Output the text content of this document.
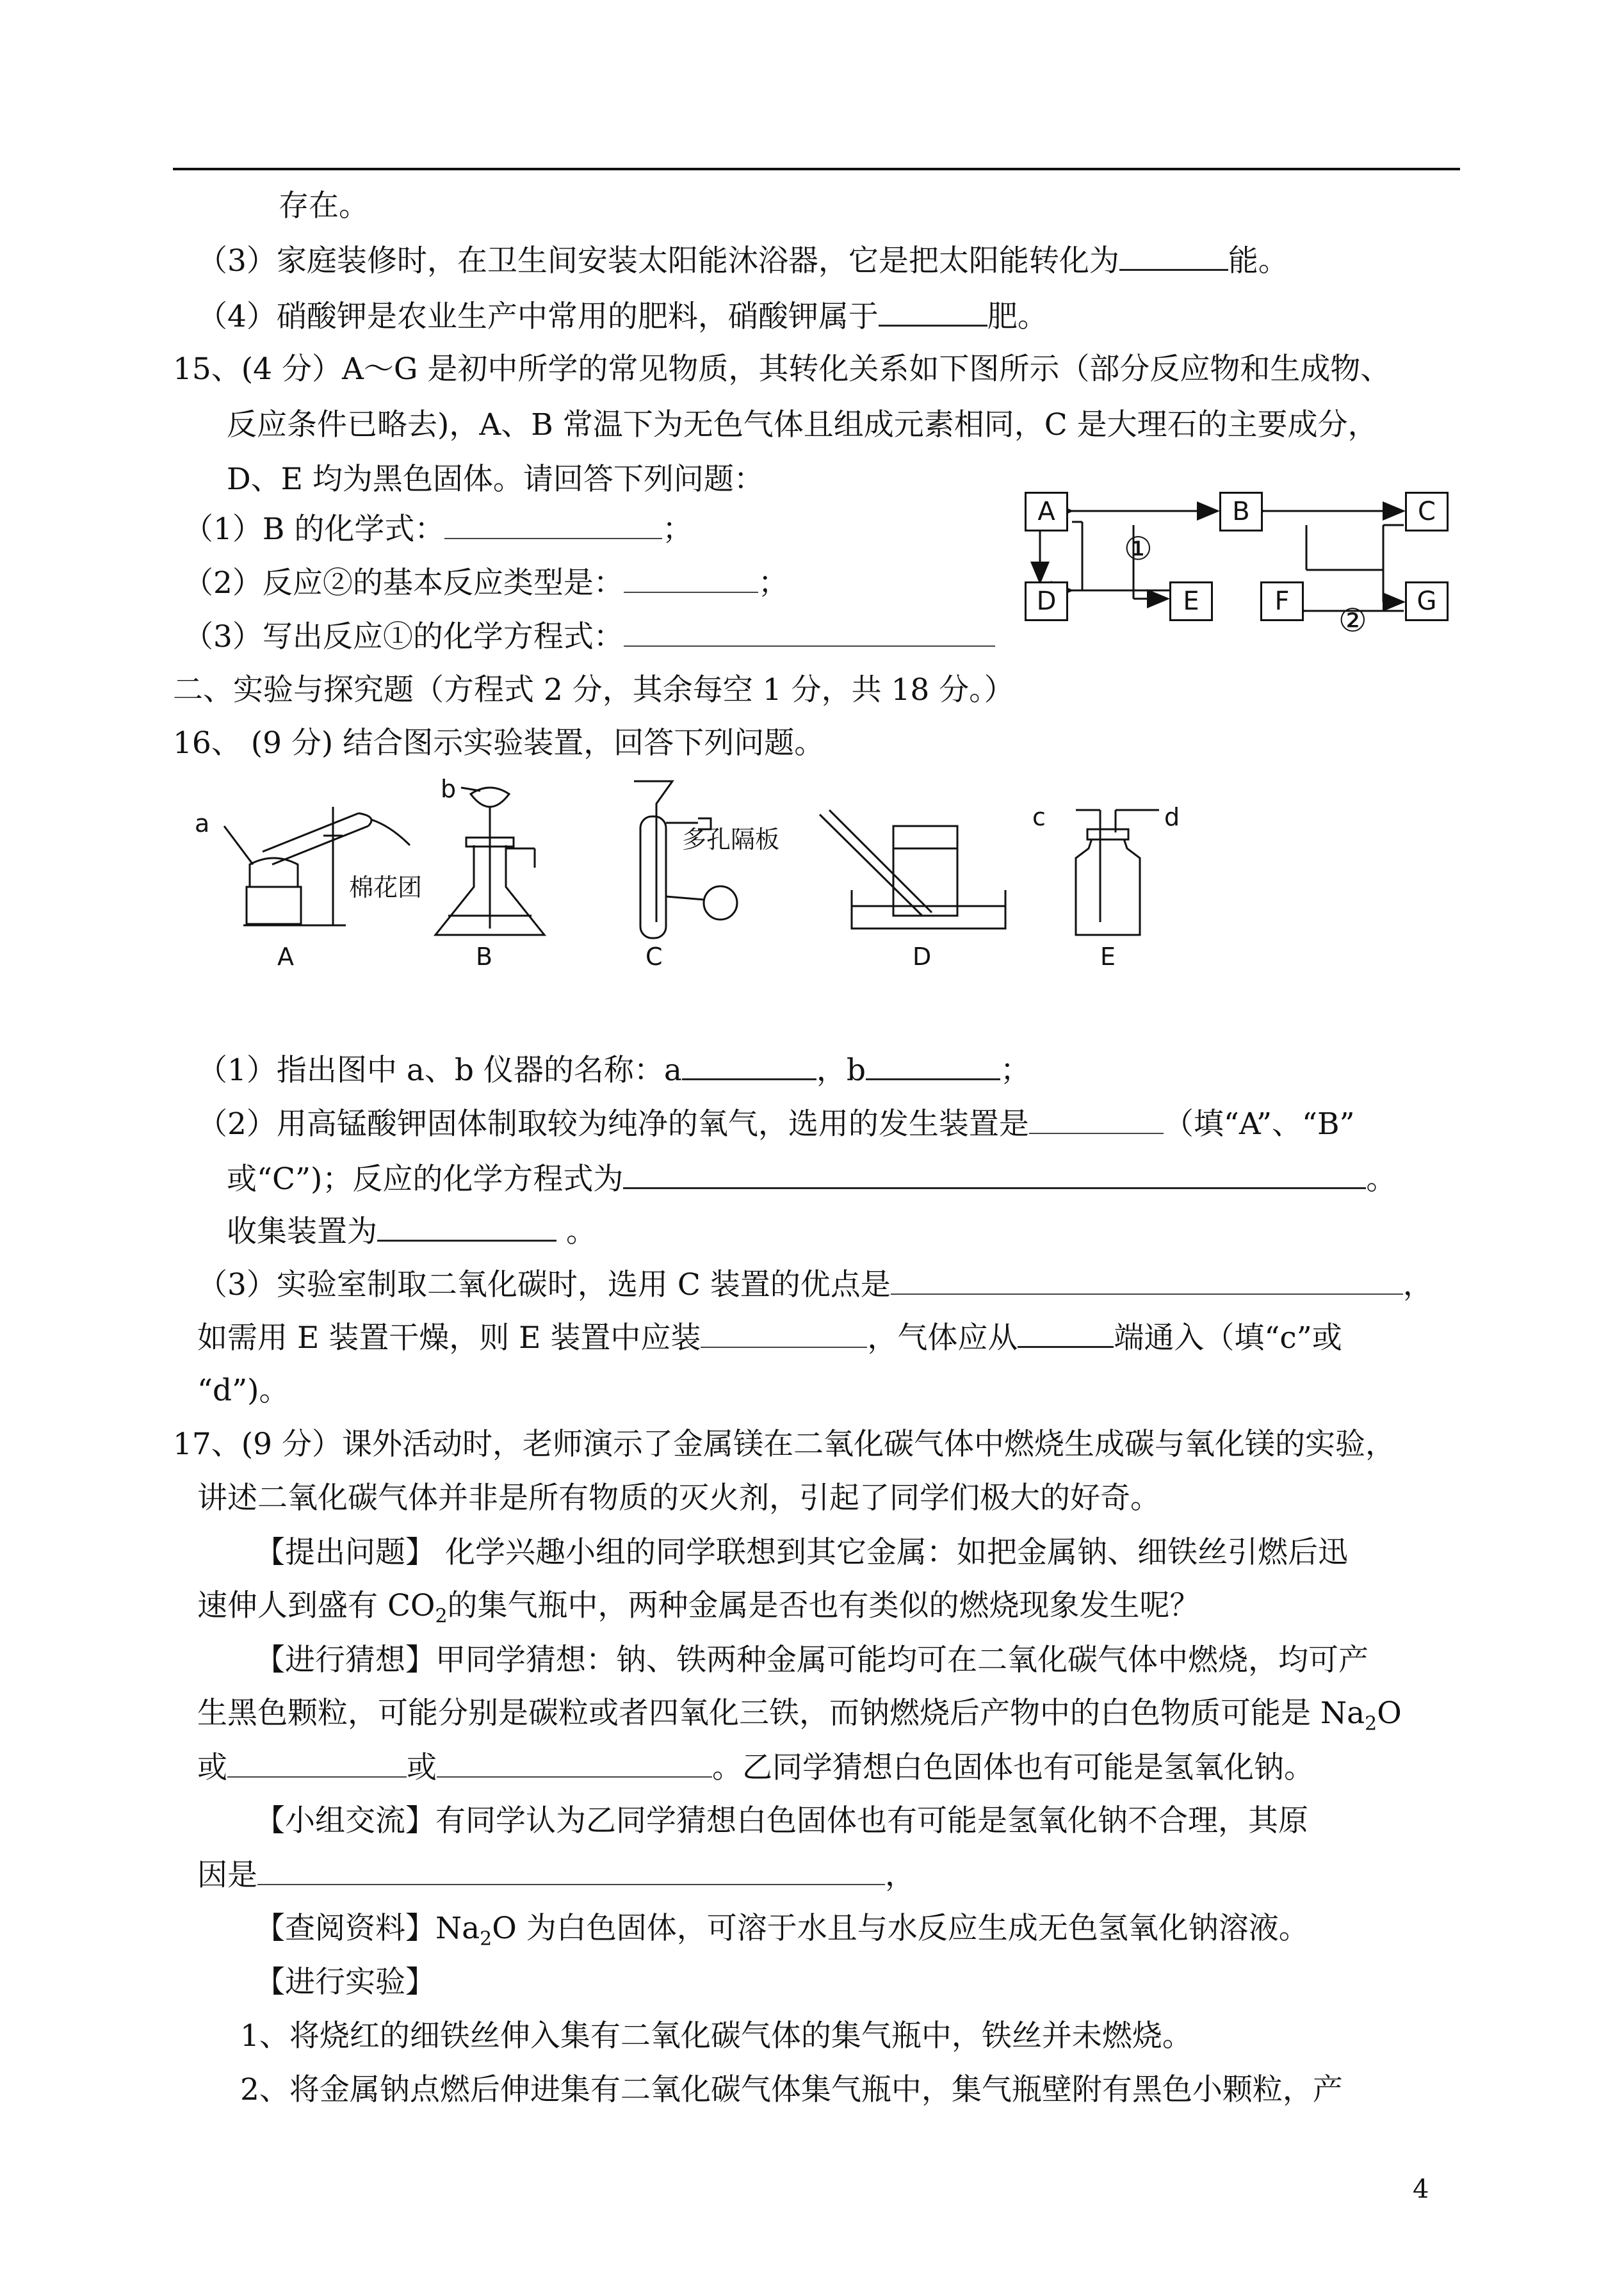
存在。
（3）家庭装修时，在卫生间安装太阳能沐浴器，它是把太阳能转化为	能。
（4）硝酸钾是农业生产中常用的肥料，硝酸钾属于	肥。
15、(4 分）A～G 是初中所学的常见物质，其转化关系如下图所示（部分反应物和生成物、
反应条件已略去)，A、B 常温下为无色气体且组成元素相同，C 是大理石的主要成分，
D、E 均为黑色固体。请回答下列问题：
（1）B 的化学式：	；
（2）反应②的基本反应类型是：	；
（3）写出反应①的化学方程式：
A	B	C
D	E	F	G
①
②
二、实验与探究题（方程式 2 分，其余每空 1 分，共 18 分。）
16、 (9 分) 结合图示实验装置，回答下列问题。
a
b
c	d
棉花团
多孔隔板
A	B	C	D	E
（1）指出图中 a、b 仪器的名称：a	，b	；
（2）用高锰酸钾固体制取较为纯净的氧气，选用的发生装置是	（填“A”、“B”
或“C”)；反应的化学方程式为	。
收集装置为	。
（3）实验室制取二氧化碳时，选用 C 装置的优点是	，
如需用 E 装置干燥，则 E 装置中应装	，气体应从	端通入（填“c”或
“d”)。
17、(9 分）课外活动时，老师演示了金属镁在二氧化碳气体中燃烧生成碳与氧化镁的实验，
讲述二氧化碳气体并非是所有物质的灭火剂，引起了同学们极大的好奇。
【提出问题】 化学兴趣小组的同学联想到其它金属：如把金属钠、细铁丝引燃后迅
速伸人到盛有 $CO_2$的集气瓶中，两种金属是否也有类似的燃烧现象发生呢？
【进行猜想】甲同学猜想：钠、铁两种金属可能均可在二氧化碳气体中燃烧，均可产
生黑色颗粒，可能分别是碳粒或者四氧化三铁，而钠燃烧后产物中的白色物质可能是 $Na_2O$
或	或	。乙同学猜想白色固体也有可能是氢氧化钠。
【小组交流】有同学认为乙同学猜想白色固体也有可能是氢氧化钠不合理，其原
因是	，
【查阅资料】$Na_2O$ 为白色固体，可溶于水且与水反应生成无色氢氧化钠溶液。
【进行实验】
1、将烧红的细铁丝伸入集有二氧化碳气体的集气瓶中，铁丝并未燃烧。
2、将金属钠点燃后伸进集有二氧化碳气体集气瓶中，集气瓶壁附有黑色小颗粒，产
4
